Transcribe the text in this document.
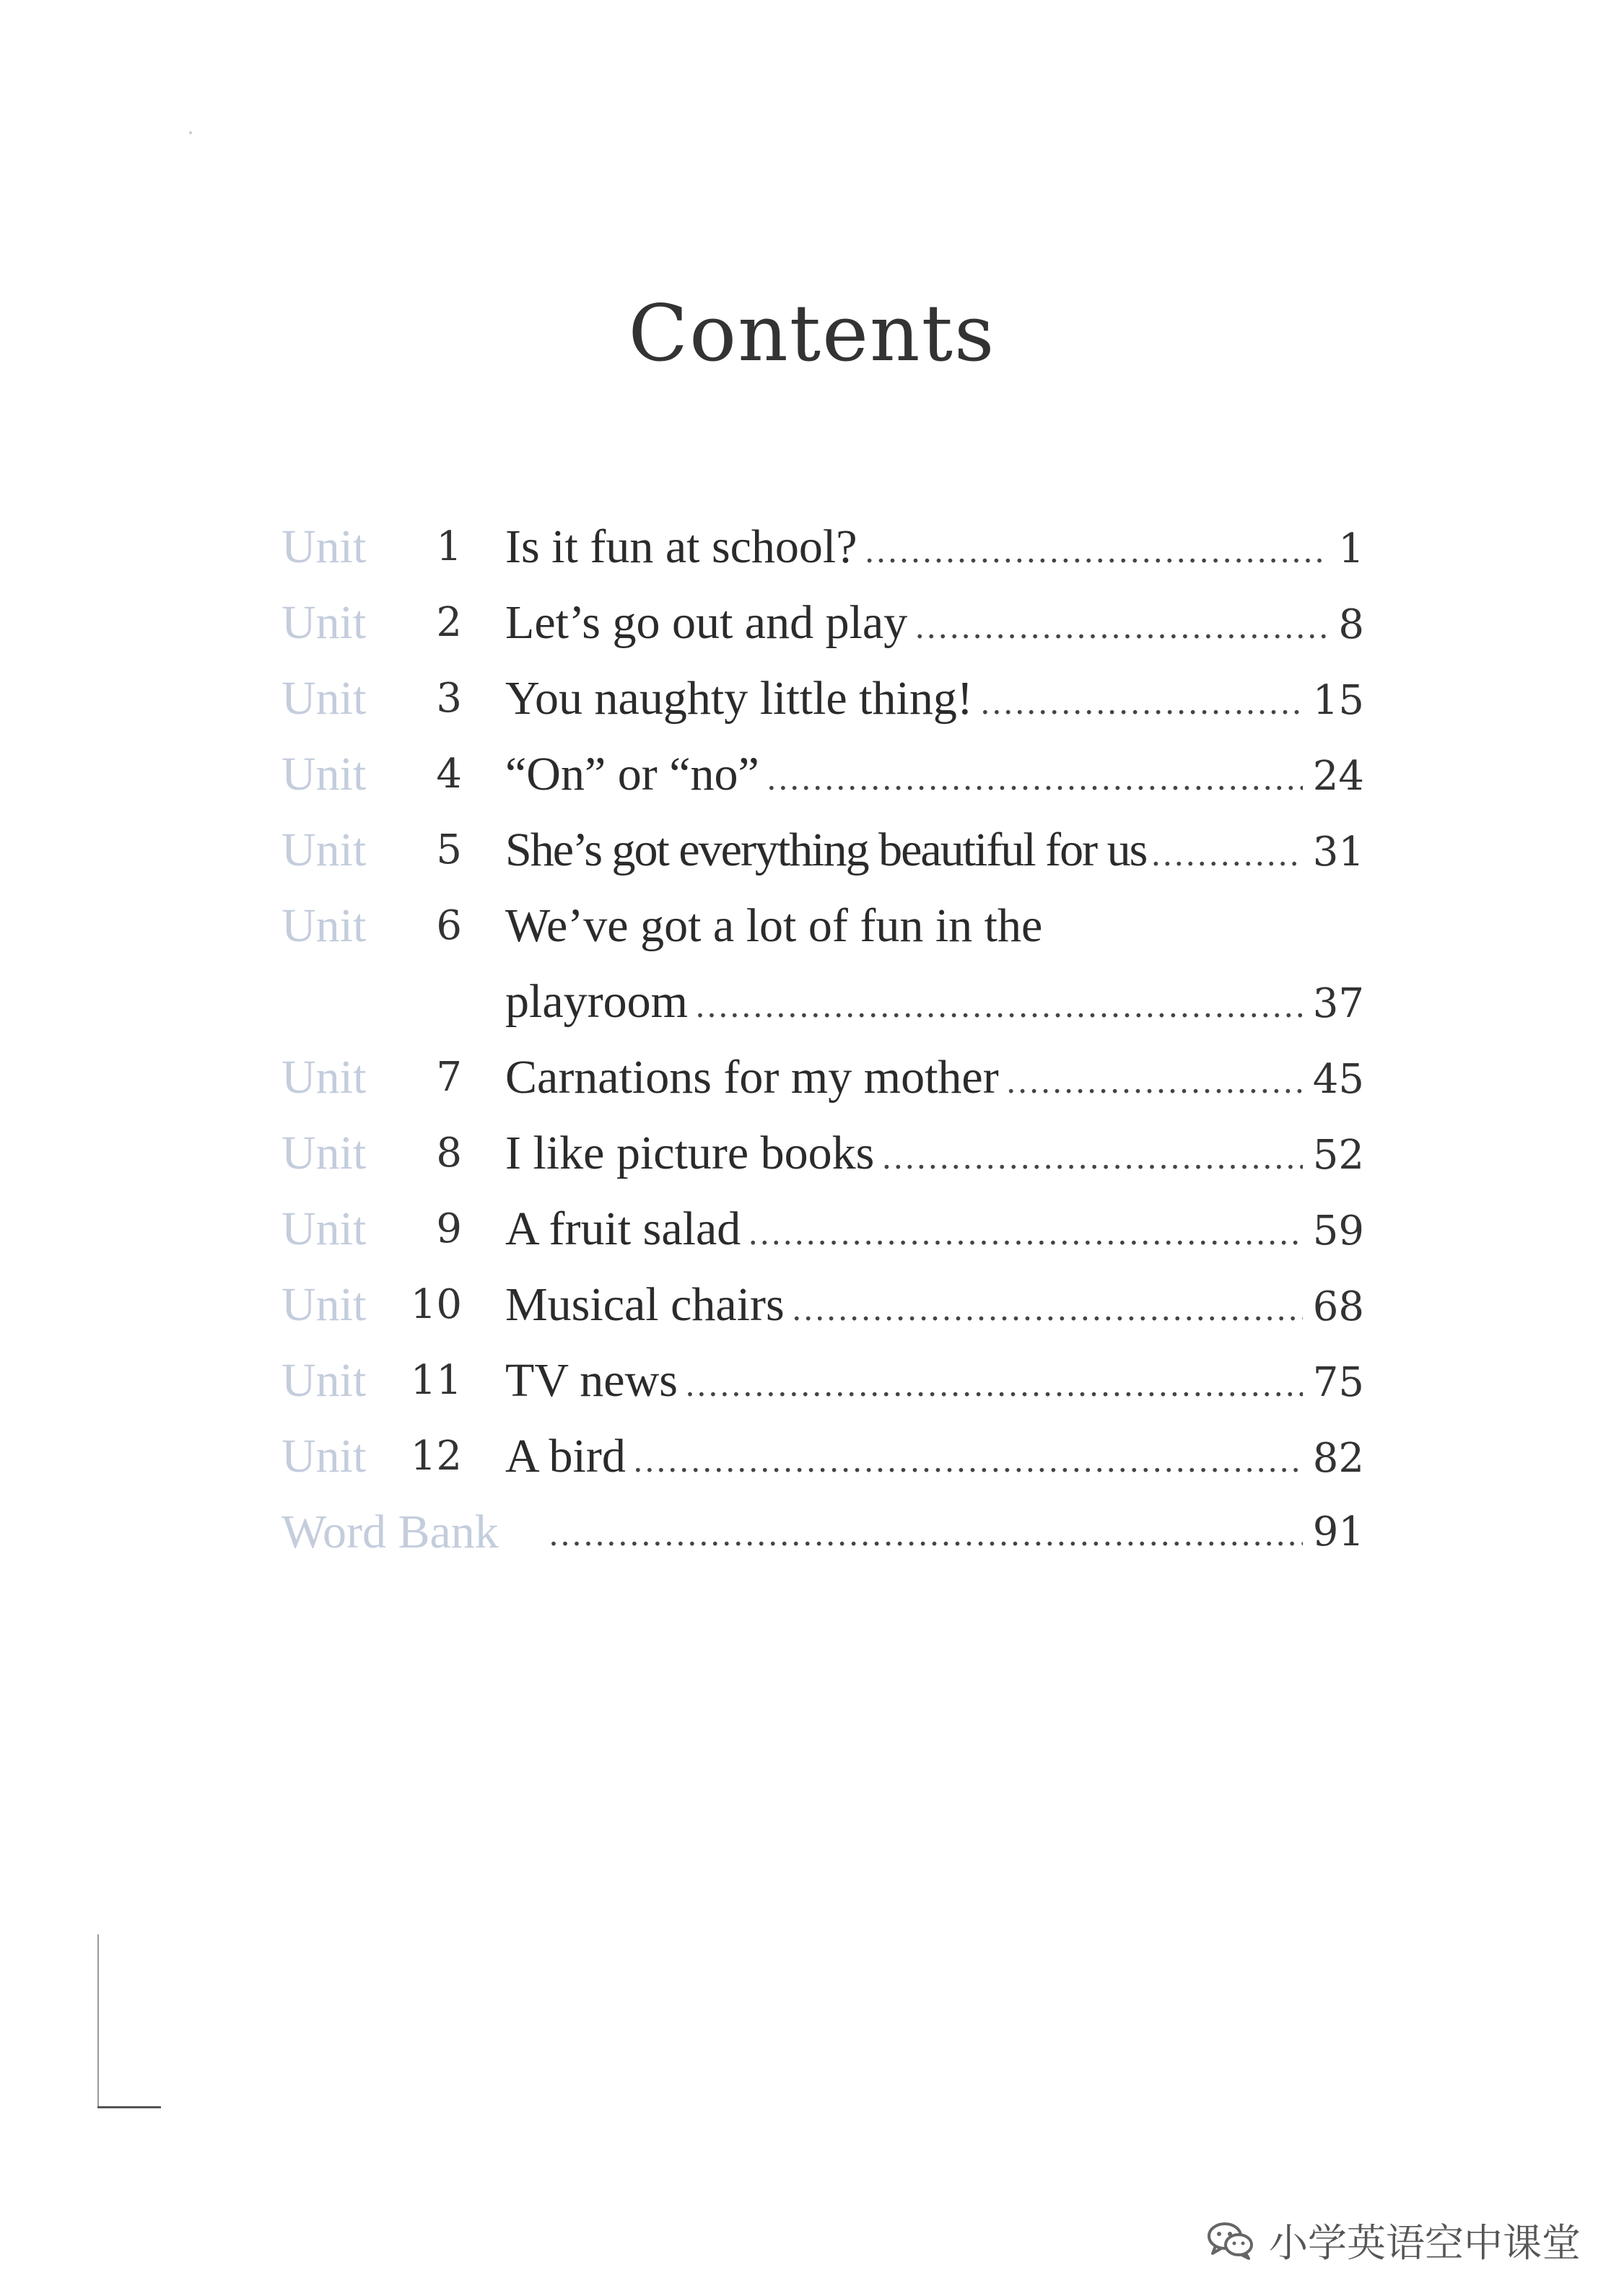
Contents
Unit	1 Is it fun at school? .....	1
Unit	2 Let’s go out and play .....	8
Unit	3 You naughty little thing! .....	15
Unit	4 “On” or “no” .....	24
Unit	5 She’s got everything beautiful for us .....	31
Unit	6 We’ve got a lot of fun in the
playroom .....	37
Unit	7 Carnations for my mother .....	45
Unit	8 I like picture books .....	52
Unit	9 A fruit salad .....	59
Unit	10 Musical chairs .....	68
Unit	11 TV news .....	75
Unit	12 A bird .....	82
Word Bank .....	91
小学英语空中课堂
